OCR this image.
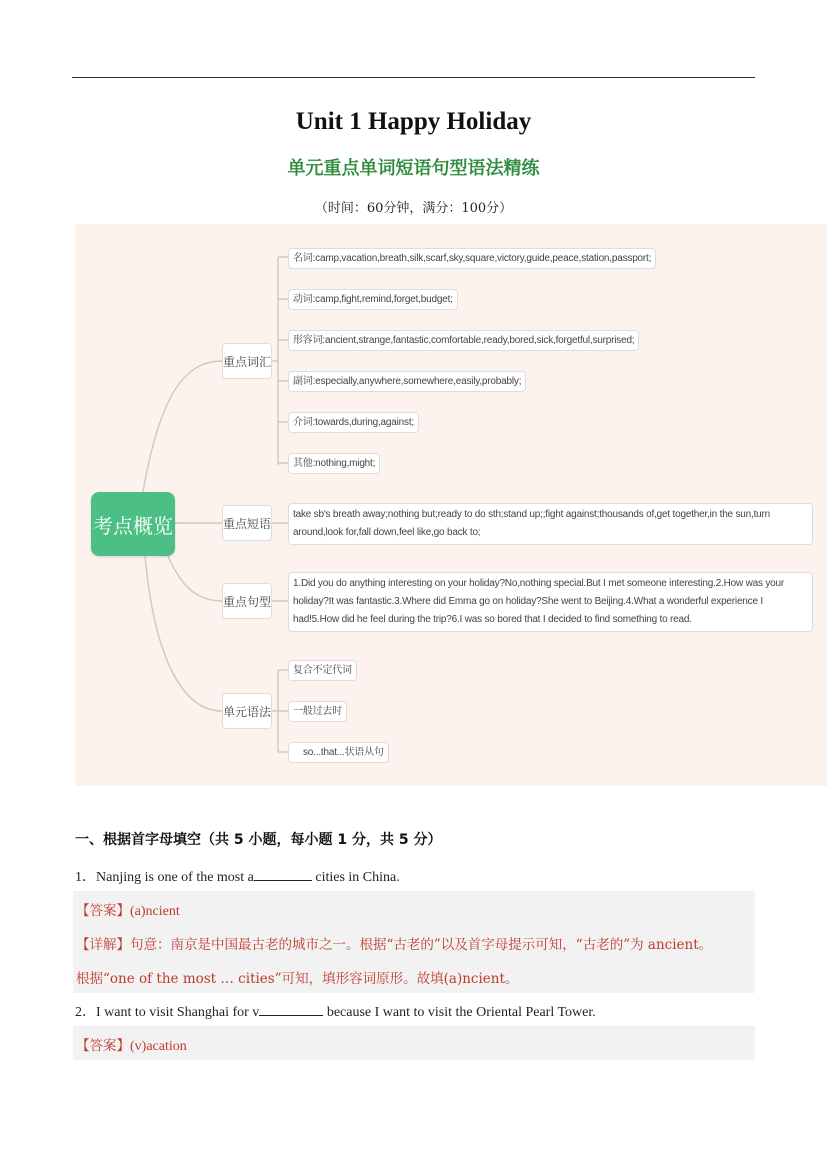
Unit 1 Happy Holiday
单元重点单词短语句型语法精练
（时间：60分钟，满分：100分）
考点概览
重点词汇
重点短语
重点句型
单元语法
名词:camp,vacation,breath,silk,scarf,sky,square,victory,guide,peace,station,passport;
动词:camp,fight,remind,forget,budget;
形容词:ancient,strange,fantastic,comfortable,ready,bored,sick,forgetful,surprised;
副词:especially,anywhere,somewhere,easily,probably;
介词:towards,during,against;
其他:nothing,might;
take sb's breath away;nothing but;ready to do sth;stand up;;fight against;thousands of,get together,in the sun,turn around,look for,fall down,feel like,go back to;
1.Did you do anything interesting on your holiday?No,nothing special.But I met someone interesting.2.How was your holiday?It was fantastic.3.Where did Emma go on holiday?She went to Beijing.4.What a wonderful experience I had!5.How did he feel during the trip?6.I was so bored that I decided to find something to read.
复合不定代词
一般过去时
so...that...状语从句
一、根据首字母填空（共 5 小题，每小题 1 分，共 5 分）
1．Nanjing is one of the most a	cities in China.
【答案】(a)ncient
【详解】句意：南京是中国最古老的城市之一。根据“古老的”以及首字母提示可知，“古老的”为 ancient。
根据“one of the most … cities”可知，填形容词原形。故填(a)ncient。
2．I want to visit Shanghai for v	because I want to visit the Oriental Pearl Tower.
【答案】(v)acation
